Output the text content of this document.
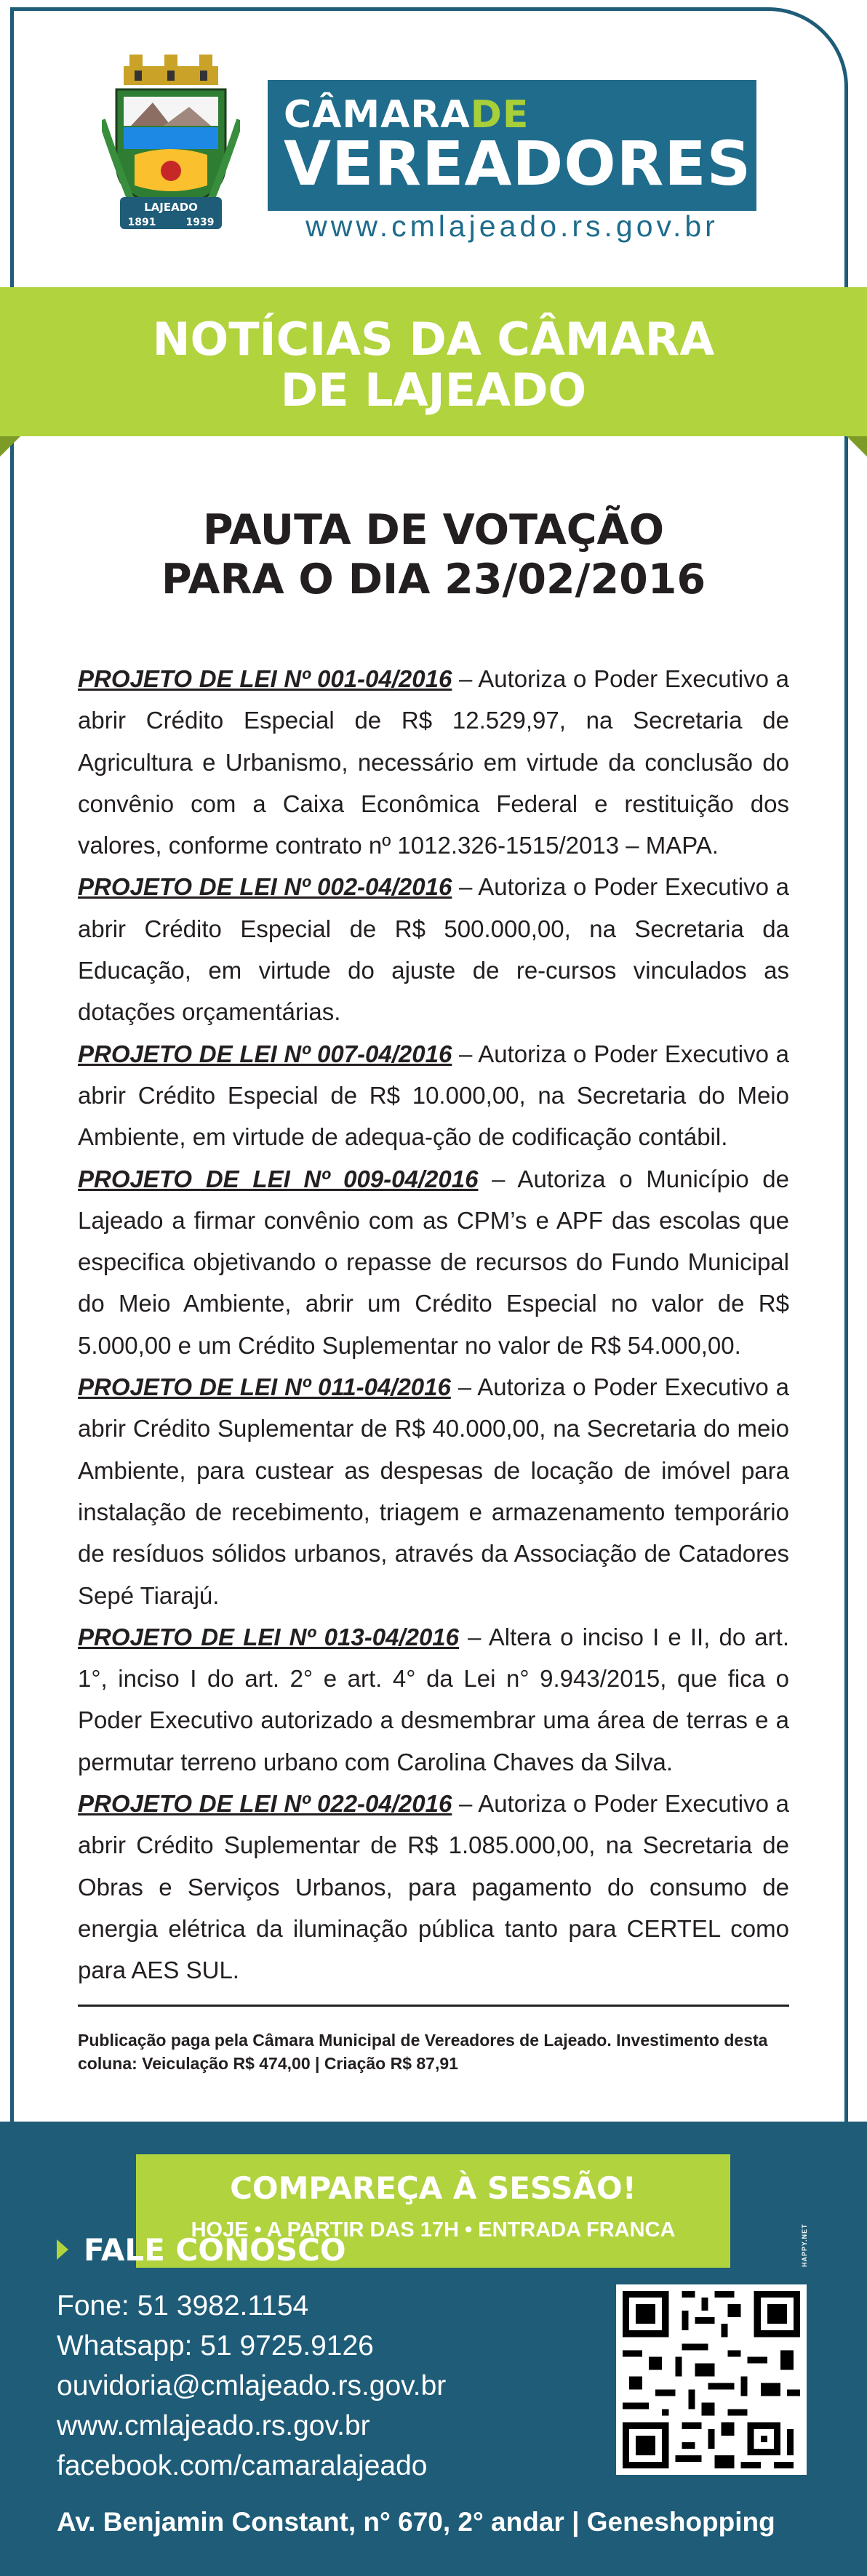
LAJEADO
1891	1939
CÂMARADE
VEREADORES
www.cmlajeado.rs.gov.br
NOTÍCIAS DA CÂMARA
DE LAJEADO
PAUTA DE VOTAÇÃO
PARA O DIA 23/02/2016

PROJETO DE LEI Nº 001-04/2016 – Autoriza o Poder Executivo a abrir Crédito Especial de R$ 12.529,97, na Secretaria de Agricultura e Urbanismo, necessário em virtude da conclusão do convênio com a Caixa Econômica Federal e restituição dos valores, conforme contrato nº 1012.326-1515/2013 – MAPA.

PROJETO DE LEI Nº 002-04/2016 – Autoriza o Poder Executivo a abrir Crédito Especial de R$ 500.000,00, na Secretaria da Educação, em virtude do ajuste de re-cursos vinculados as dotações orçamentárias.

PROJETO DE LEI Nº 007-04/2016 – Autoriza o Poder Executivo a abrir Crédito Especial de R$ 10.000,00, na Secretaria do Meio Ambiente, em virtude de adequa-ção de codificação contábil.

PROJETO DE LEI Nº 009-04/2016 – Autoriza o Município de Lajeado a firmar convênio com as CPM’s e APF das escolas que especifica objetivando o repasse de recursos do Fundo Municipal do Meio Ambiente, abrir um Crédito Especial no valor de R$ 5.000,00 e um Crédito Suplementar no valor de R$ 54.000,00.

PROJETO DE LEI Nº 011-04/2016 – Autoriza o Poder Executivo a abrir Crédito Suplementar de R$ 40.000,00, na Secretaria do meio Ambiente, para custear as despesas de locação de imóvel para instalação de recebimento, triagem e armazenamento temporário de resíduos sólidos urbanos, através da Associação de Catadores Sepé Tiarajú.

PROJETO DE LEI Nº 013-04/2016 – Altera o inciso I e II, do art. 1°, inciso I do art. 2° e art. 4° da Lei n° 9.943/2015, que fica o Poder Executivo autorizado a desmembrar uma área de terras e a permutar terreno urbano com Carolina Chaves da Silva.

PROJETO DE LEI Nº 022-04/2016 – Autoriza o Poder Executivo a abrir Crédito Suplementar de R$ 1.085.000,00, na Secretaria de Obras e Serviços Urbanos, para pagamento do consumo de energia elétrica da iluminação pública tanto para CERTEL como para AES SUL.

Publicação paga pela Câmara Municipal de Vereadores de Lajeado. Investimento desta coluna: Veiculação R$ 474,00 | Criação R$ 87,91
COMPAREÇA À SESSÃO!
HOJE • A PARTIR DAS 17H • ENTRADA FRANCA	HAPPY.NET
FALE CONOSCO
Fone: 51 3982.1154
Whatsapp: 51 9725.9126
ouvidoria@cmlajeado.rs.gov.br
www.cmlajeado.rs.gov.br
facebook.com/camaralajeado
Av. Benjamin Constant, n° 670, 2° andar | Geneshopping
